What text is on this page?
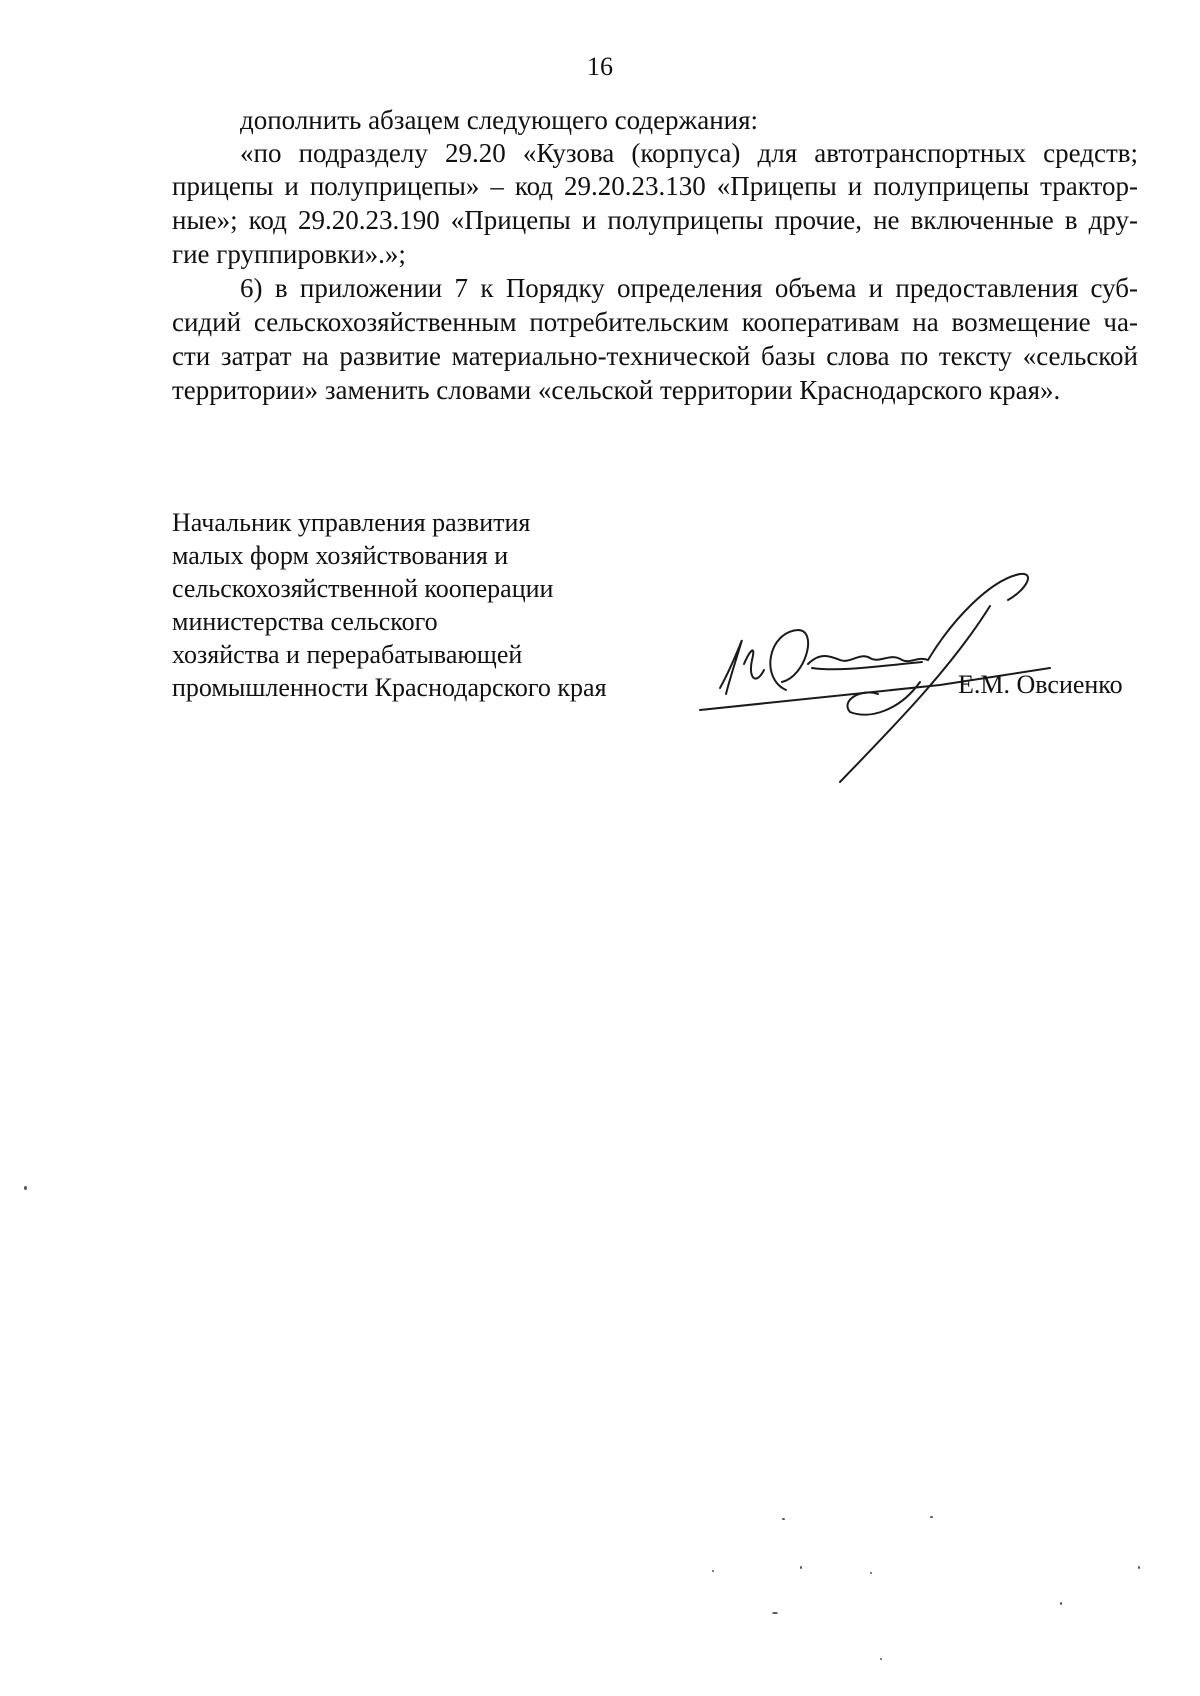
16
дополнить абзацем следующего содержания:
«по подразделу 29.20 «Кузова (корпуса) для автотранспортных средств;
прицепы и полуприцепы» – код 29.20.23.130 «Прицепы и полуприцепы трактор-
ные»; код 29.20.23.190 «Прицепы и полуприцепы прочие, не включенные в дру-
гие группировки».»;
6) в приложении 7 к Порядку определения объема и предоставления суб-
сидий сельскохозяйственным потребительским кооперативам на возмещение ча-
сти затрат на развитие материально-технической базы слова по тексту «сельской
территории» заменить словами «сельской территории Краснодарского края».
Начальник управления развития
малых форм хозяйствования и
сельскохозяйственной кооперации
министерства сельского
хозяйства и перерабатывающей
промышленности Краснодарского края	Е.М. Овсиенко
